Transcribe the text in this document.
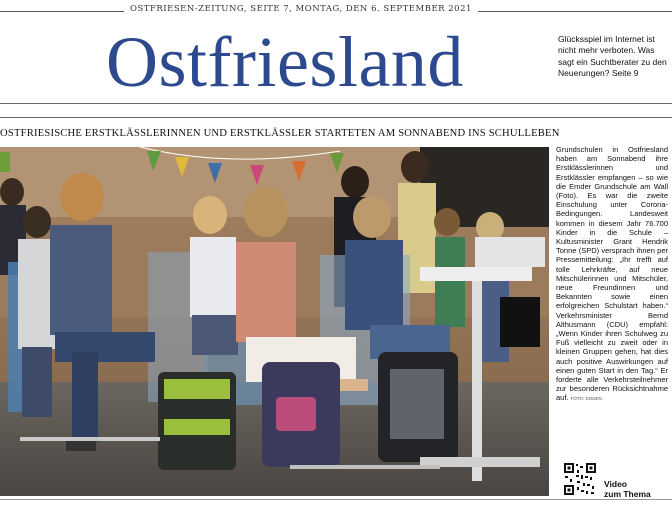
OSTFRIESEN-ZEITUNG, SEITE 7, MONTAG, DEN 6. SEPTEMBER 2021
Ostfriesland	Glücksspiel im Internet ist nicht mehr verboten. Was sagt ein Suchtberater zu den Neuerungen? Seite 9
OSTFRIESISCHE ERSTKLÄSSLERINNEN UND ERSTKLÄSSLER STARTETEN AM SONNABEND INS SCHULLEBEN
Grundschulen in Ostfriesland haben am Sonnabend ihre Erstklässlerinnen und Erstklässler empfangen – so wie die Emder Grundschule am Wall (Foto). Es war die zweite Einschulung unter Corona-Bedingungen. Landesweit kommen in diesem Jahr 76.700 Kinder in die Schule – Kultusminister Grant Hendrik Tonne (SPD) versprach ihnen per Pressemitteilung: „Ihr trefft auf tolle Lehrkräfte, auf neue Mitschülerinnen und Mitschüler, neue Freundinnen und Bekannten sowie einen erfolgreichen Schulstart haben.“ Verkehrsminister Bernd Althusmann (CDU) empfahl: „Wenn Kinder ihren Schulweg zu Fuß vielleicht zu zweit oder in kleinen Gruppen gehen, hat dies auch positive Auswirkungen auf einen guten Start in den Tag.“ Er forderte alle Verkehrsteilnehmer zur besonderen Rücksichtnahme auf. FOTO: DODEN
Video
zum Thema
